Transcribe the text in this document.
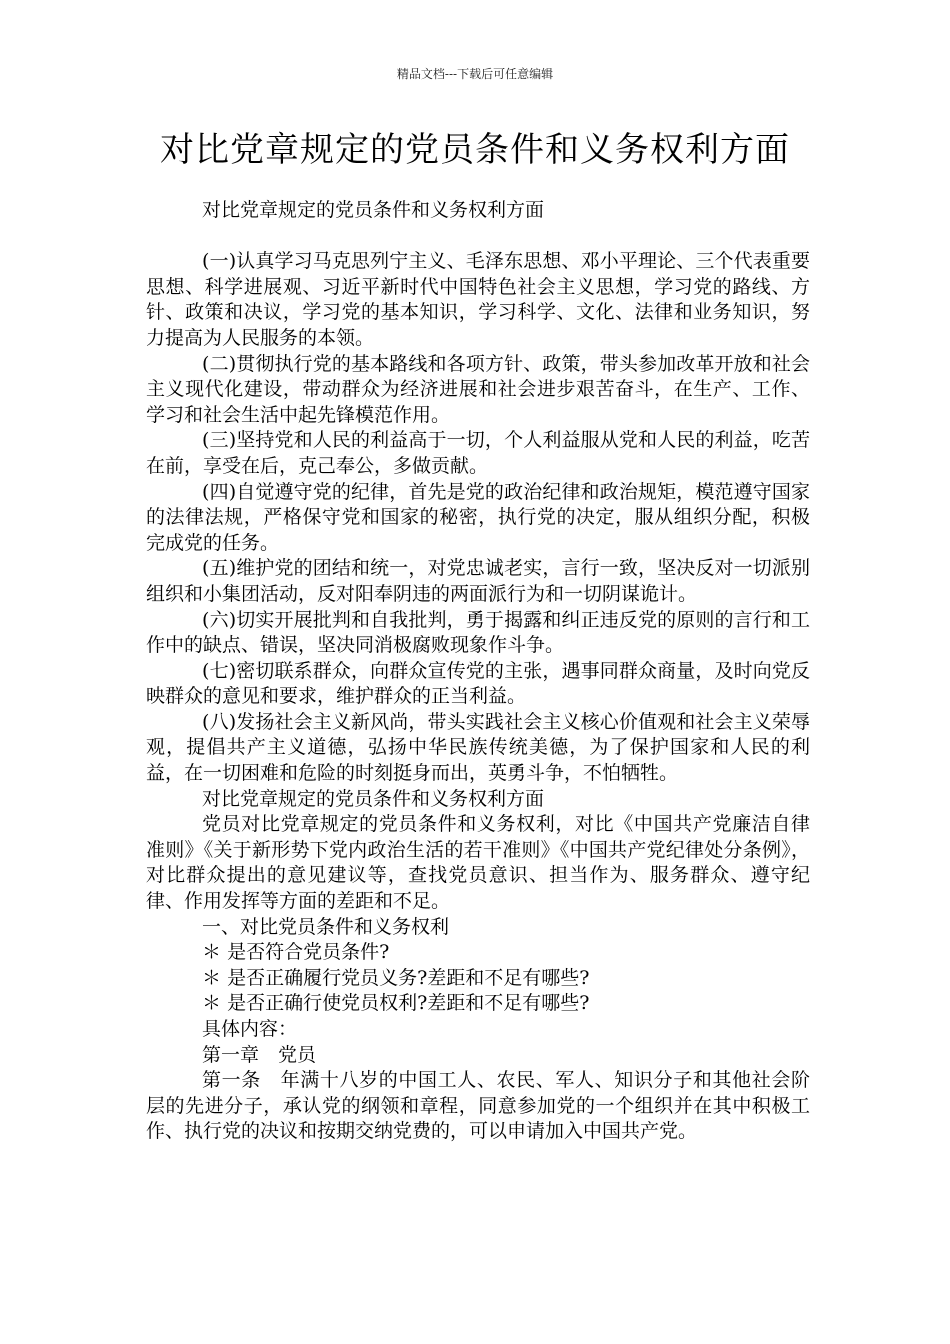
精品文档---下载后可任意编辑
对比党章规定的党员条件和义务权利方面

对比党章规定的党员条件和义务权利方面

(一)认真学习马克思列宁主义、毛泽东思想、邓小平理论、三个代表重要思想、科学进展观、习近平新时代中国特色社会主义思想，学习党的路线、方针、政策和决议，学习党的基本知识，学习科学、文化、法律和业务知识，努力提高为人民服务的本领。

(二)贯彻执行党的基本路线和各项方针、政策，带头参加改革开放和社会主义现代化建设，带动群众为经济进展和社会进步艰苦奋斗，在生产、工作、学习和社会生活中起先锋模范作用。

(三)坚持党和人民的利益高于一切，个人利益服从党和人民的利益，吃苦在前，享受在后，克己奉公，多做贡献。

(四)自觉遵守党的纪律，首先是党的政治纪律和政治规矩，模范遵守国家的法律法规，严格保守党和国家的秘密，执行党的决定，服从组织分配，积极完成党的任务。

(五)维护党的团结和统一，对党忠诚老实，言行一致，坚决反对一切派别组织和小集团活动，反对阳奉阴违的两面派行为和一切阴谋诡计。

(六)切实开展批判和自我批判，勇于揭露和纠正违反党的原则的言行和工作中的缺点、错误，坚决同消极腐败现象作斗争。

(七)密切联系群众，向群众宣传党的主张，遇事同群众商量，及时向党反映群众的意见和要求，维护群众的正当利益。

(八)发扬社会主义新风尚，带头实践社会主义核心价值观和社会主义荣辱观，提倡共产主义道德，弘扬中华民族传统美德，为了保护国家和人民的利益，在一切困难和危险的时刻挺身而出，英勇斗争，不怕牺牲。

对比党章规定的党员条件和义务权利方面

党员对比党章规定的党员条件和义务权利，对比《中国共产党廉洁自律准则》《关于新形势下党内政治生活的若干准则》《中国共产党纪律处分条例》，对比群众提出的意见建议等，查找党员意识、担当作为、服务群众、遵守纪律、作用发挥等方面的差距和不足。

一、对比党员条件和义务权利

＊ 是否符合党员条件?

＊ 是否正确履行党员义务?差距和不足有哪些?

＊ 是否正确行使党员权利?差距和不足有哪些?

具体内容：

第一章　党员

第一条　年满十八岁的中国工人、农民、军人、知识分子和其他社会阶层的先进分子，承认党的纲领和章程，同意参加党的一个组织并在其中积极工作、执行党的决议和按期交纳党费的，可以申请加入中国共产党。
